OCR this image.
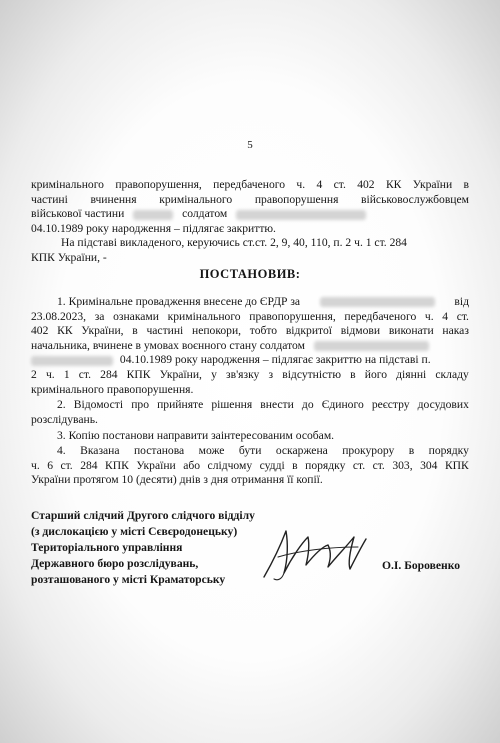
5
кримінального правопорушення, передбаченого ч. 4 ст. 402 КК України в
частині вчинення кримінального правопорушення військовослужбовцем
військової частини	солдатом
04.10.1989 року народження – підлягає закриттю.
На підставі викладеного, керуючись ст.ст. 2, 9, 40, 110, п. 2 ч. 1 ст. 284
КПК України, -
ПОСТАНОВИВ:
1. Кримінальне провадження внесене до ЄРДР за	від
23.08.2023, за ознаками кримінального правопорушення, передбаченого ч. 4 ст.
402 КК України, в частині непокори, тобто відкритої відмови виконати наказ
начальника, вчинене в умовах воєнного стану солдатом
04.10.1989 року народження – підлягає закриттю на підставі п.
2 ч. 1 ст. 284 КПК України, у зв'язку з відсутністю в його діянні складу
кримінального правопорушення.
2. Відомості про прийняте рішення внести до Єдиного реєстру досудових
розслідувань.
3. Копію постанови направити заінтересованим особам.
4. Вказана постанова може бути оскаржена прокурору в порядку
ч. 6 ст. 284 КПК України або слідчому судді в порядку ст. ст. 303, 304 КПК
України протягом 10 (десяти) днів з дня отримання її копії.
Старший слідчий Другого слідчого відділу
(з дислокацією у місті Сєвєродонецьку)
Територіального управління
Державного бюро розслідувань,
розташованого у місті Краматорську
О.І. Боровенко
